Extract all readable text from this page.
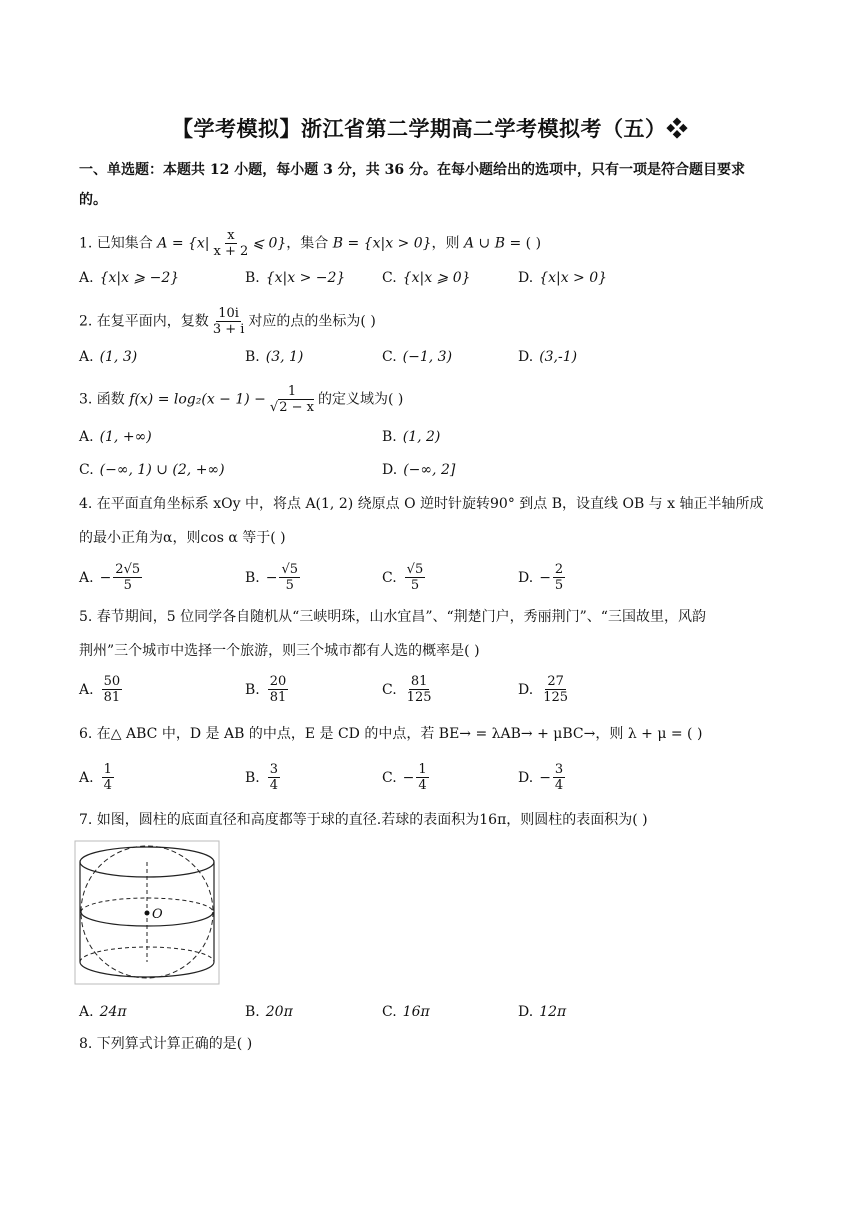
【学考模拟】浙江省第二学期高二学考模拟考（五）❖
一、单选题：本题共 12 小题，每小题 3 分，共 36 分。在每小题给出的选项中，只有一项是符合题目要求
的。
1. 已知集合 $A = \{x| \frac{x}{x + 2}$ ⩽ 0}，集合 B = {x|x > 0}，则 A ∪ B = ( )
A. {x|x ⩾ −2}	B. {x|x > −2}	C. {x|x ⩾ 0}	D. {x|x > 0}
2. 在复平面内，复数 $\frac{10i}{3 + i}$ 对应的点的坐标为( )
A. (1, 3)	B. (3, 1)	C. (−1, 3)	D. (3,-1)
3. 函数 $f(x) = \log_2(x - 1) - \frac{1}{√2 - x}$ 的定义域为( )
A. (1, +∞)	B. (1, 2)
C. (−∞, 1) ∪ (2, +∞)	D. (−∞, 2]
4. 在平面直角坐标系 xOy 中，将点 A(1, 2) 绕原点 O 逆时针旋转90° 到点 B，设直线 OB 与 x 轴正半轴所成
的最小正角为α，则cos α 等于( )
A. − $\frac{2√5}{5}$	B. − $\frac{√5}{5}$	C. $\frac{√5}{5}$	D. − $\frac{2}{5}$
5. 春节期间，5 位同学各自随机从“三峡明珠，山水宜昌”、“荆楚门户，秀丽荆门”、“三国故里，风韵
荆州”三个城市中选择一个旅游，则三个城市都有人选的概率是( )
A. $\frac{50}{81}$	B. $\frac{20}{81}$	C. $\frac{81}{125}$	D. $\frac{27}{125}$
6. 在△ ABC 中，D 是 AB 的中点，E 是 CD 的中点，若 BE→ = λAB→ + μBC→，则 λ + μ = ( )
A. $\frac{1}{4}$	B. $\frac{3}{4}$	C. − $\frac{1}{4}$	D. − $\frac{3}{4}$
7. 如图，圆柱的底面直径和高度都等于球的直径.若球的表面积为16π，则圆柱的表面积为( )
O
A. 24π	B. 20π	C. 16π	D. 12π
8. 下列算式计算正确的是( )
